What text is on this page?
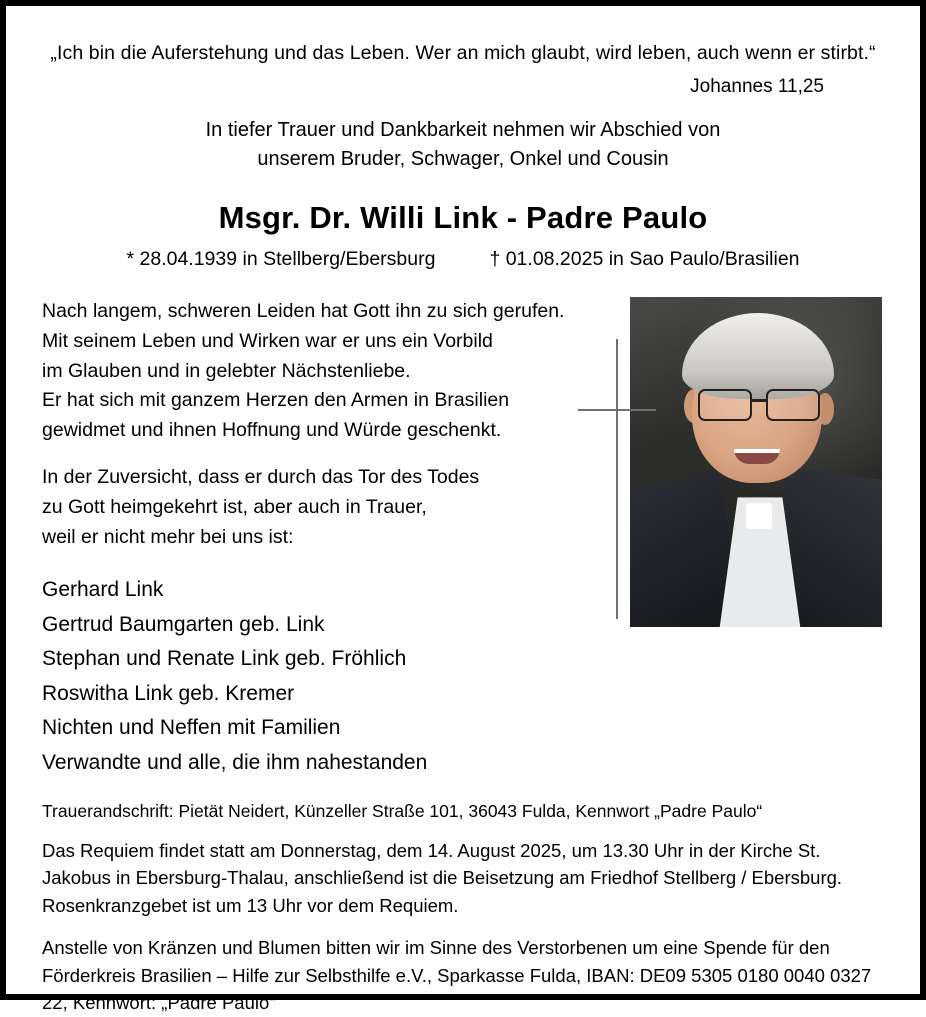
„Ich bin die Auferstehung und das Leben. Wer an mich glaubt, wird leben, auch wenn er stirbt.“
Johannes 11,25
In tiefer Trauer und Dankbarkeit nehmen wir Abschied von
unserem Bruder, Schwager, Onkel und Cousin
Msgr. Dr. Willi Link - Padre Paulo
* 28.04.1939 in Stellberg/Ebersburg	† 01.08.2025 in Sao Paulo/Brasilien
Nach langem, schweren Leiden hat Gott ihn zu sich gerufen.
Mit seinem Leben und Wirken war er uns ein Vorbild
im Glauben und in gelebter Nächstenliebe.
Er hat sich mit ganzem Herzen den Armen in Brasilien
gewidmet und ihnen Hoffnung und Würde geschenkt.
In der Zuversicht, dass er durch das Tor des Todes
zu Gott heimgekehrt ist, aber auch in Trauer,
weil er nicht mehr bei uns ist:
Gerhard Link
Gertrud Baumgarten geb. Link
Stephan und Renate Link geb. Fröhlich
Roswitha Link geb. Kremer
Nichten und Neffen mit Familien
Verwandte und alle, die ihm nahestanden

Trauerandschrift: Pietät Neidert, Künzeller Straße 101, 36043 Fulda, Kennwort „Padre Paulo“

Das Requiem findet statt am Donnerstag, dem 14. August 2025, um 13.30 Uhr in der Kirche St. Jakobus in Ebersburg-Thalau, anschließend ist die Beisetzung am Friedhof Stellberg / Ebersburg. Rosenkranzgebet ist um 13 Uhr vor dem Requiem.

Anstelle von Kränzen und Blumen bitten wir im Sinne des Verstorbenen um eine Spende für den Förderkreis Brasilien – Hilfe zur Selbsthilfe e.V., Sparkasse Fulda, IBAN: DE09 5305 0180 0040 0327 22, Kennwort: „Padre Paulo“
